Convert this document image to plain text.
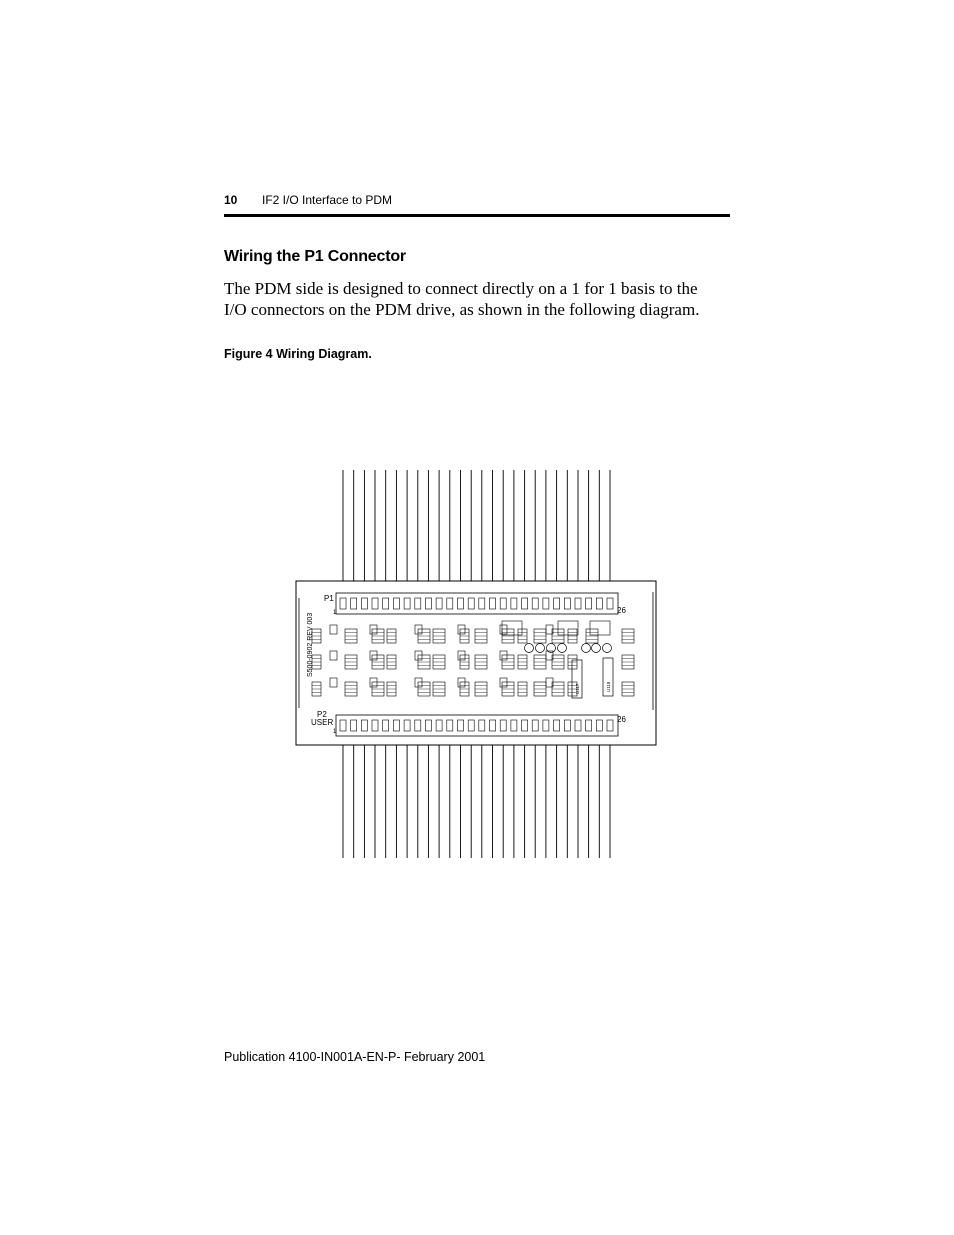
10 IF2 I/O Interface to PDM
Wiring the P1 Connector

The PDM side is designed to connect directly on a 1 for 1 basis to the I/O connectors on the PDM drive, as shown in the following diagram.

Figure 4 Wiring Diagram.
P1
1	26
P2
USER
1
26
S500-0902 REV 003
U117	U118
Publication 4100-IN001A-EN-P- February 2001
